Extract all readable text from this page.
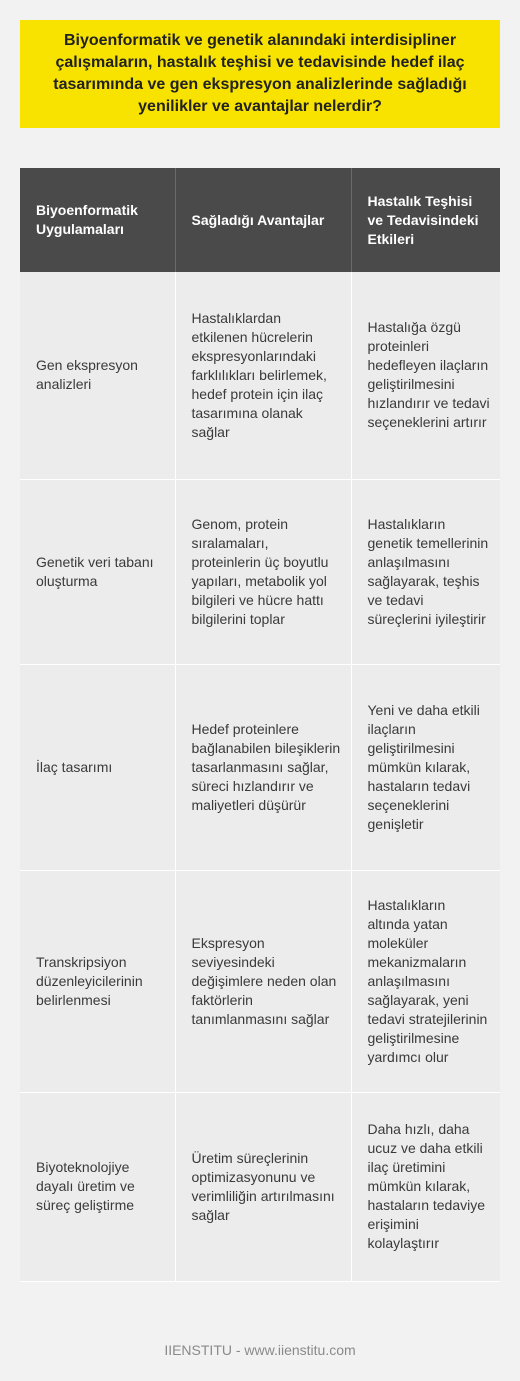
Biyoenformatik ve genetik alanındaki interdisipliner çalışmaların, hastalık teşhisi ve tedavisinde hedef ilaç tasarımında ve gen ekspresyon analizlerinde sağladığı yenilikler ve avantajlar nelerdir?
Biyoenformatik Uygulamaları	Sağladığı Avantajlar	Hastalık Teşhisi ve Tedavisindeki Etkileri
Gen ekspresyon analizleri	Hastalıklardan etkilenen hücrelerin ekspresyonlarındaki farklılıkları belirlemek, hedef protein için ilaç tasarımına olanak sağlar	Hastalığa özgü proteinleri hedefleyen ilaçların geliştirilmesini hızlandırır ve tedavi seçeneklerini artırır
Genetik veri tabanı oluşturma	Genom, protein sıralamaları, proteinlerin üç boyutlu yapıları, metabolik yol bilgileri ve hücre hattı bilgilerini toplar	Hastalıkların genetik temellerinin anlaşılmasını sağlayarak, teşhis ve tedavi süreçlerini iyileştirir
İlaç tasarımı	Hedef proteinlere bağlanabilen bileşiklerin tasarlanmasını sağlar, süreci hızlandırır ve maliyetleri düşürür	Yeni ve daha etkili ilaçların geliştirilmesini mümkün kılarak, hastaların tedavi seçeneklerini genişletir
Transkripsiyon düzenleyicilerinin belirlenmesi	Ekspresyon seviyesindeki değişimlere neden olan faktörlerin tanımlanmasını sağlar	Hastalıkların altında yatan moleküler mekanizmaların anlaşılmasını sağlayarak, yeni tedavi stratejilerinin geliştirilmesine yardımcı olur
Biyoteknolojiye dayalı üretim ve süreç geliştirme	Üretim süreçlerinin optimizasyonunu ve verimliliğin artırılmasını sağlar	Daha hızlı, daha ucuz ve daha etkili ilaç üretimini mümkün kılarak, hastaların tedaviye erişimini kolaylaştırır
IIENSTITU - www.iienstitu.com
